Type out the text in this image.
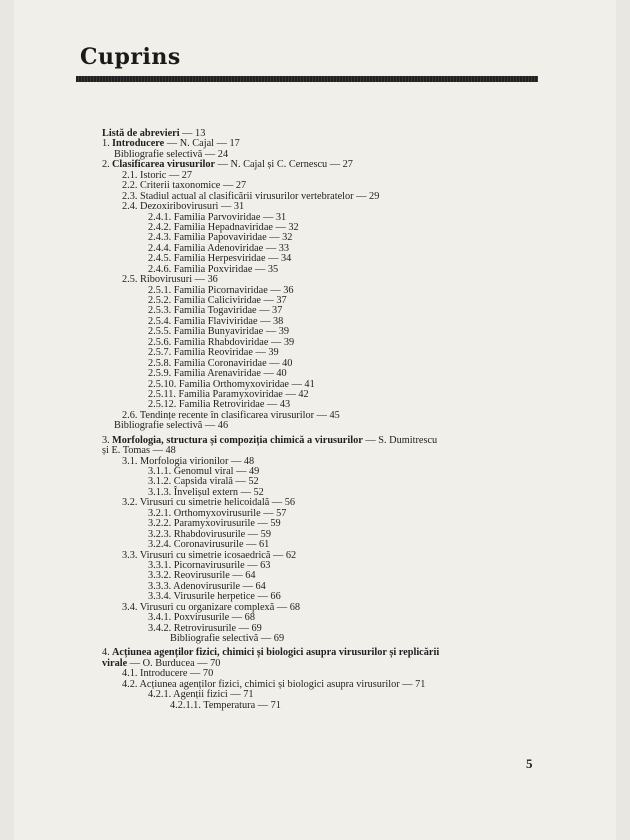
Cuprins
Listă de abrevieri — 13
1.Introducere — N. Cajal — 17
Bibliografie selectivă — 24
2.Clasificarea virusurilor — N. Cajal și C. Cernescu — 27
2.1. Istoric — 27
2.2. Criterii taxonomice — 27
2.3. Stadiul actual al clasificării virusurilor vertebratelor — 29
2.4. Dezoxiribovirusuri — 31
2.4.1. Familia Parvoviridae — 31
2.4.2. Familia Hepadnaviridae — 32
2.4.3. Familia Papovaviridae — 32
2.4.4. Familia Adenoviridae — 33
2.4.5. Familia Herpesviridae — 34
2.4.6. Familia Poxviridae — 35
2.5. Ribovirusuri — 36
2.5.1. Familia Picornaviridae — 36
2.5.2. Familia Caliciviridae — 37
2.5.3. Familia Togaviridae — 37
2.5.4. Familia Flaviviridae — 38
2.5.5. Familia Bunyaviridae — 39
2.5.6. Familia Rhabdoviridae — 39
2.5.7. Familia Reoviridae — 39
2.5.8. Familia Coronaviridae — 40
2.5.9. Familia Arenaviridae — 40
2.5.10. Familia Orthomyxoviridae — 41
2.5.11. Familia Paramyxoviridae — 42
2.5.12. Familia Retroviridae — 43
2.6. Tendințe recente în clasificarea virusurilor — 45
Bibliografie selectivă — 46
3.Morfologia, structura și compoziția chimică a virusurilor — S. Dumitrescu
și E. Tomas — 48
3.1. Morfologia virionilor — 48
3.1.1. Genomul viral — 49
3.1.2. Capsida virală — 52
3.1.3. Învelișul extern — 52
3.2. Virusuri cu simetrie helicoidală — 56
3.2.1. Orthomyxovirusurile — 57
3.2.2. Paramyxovirusurile — 59
3.2.3. Rhabdovirusurile — 59
3.2.4. Coronavirusurile — 61
3.3. Virusuri cu simetrie icosaedrică — 62
3.3.1. Picornavirusurile — 63
3.3.2. Reovirusurile — 64
3.3.3. Adenovirusurile — 64
3.3.4. Virusurile herpetice — 66
3.4. Virusuri cu organizare complexă — 68
3.4.1. Poxvirusurile — 68
3.4.2. Retrovirusurile — 69
Bibliografie selectivă — 69
4.Acțiunea agenților fizici, chimici și biologici asupra virusurilor și replicării
virale — O. Burducea — 70
4.1. Introducere — 70
4.2. Acțiunea agenților fizici, chimici și biologici asupra virusurilor — 71
4.2.1. Agenții fizici — 71
4.2.1.1. Temperatura — 71
5
